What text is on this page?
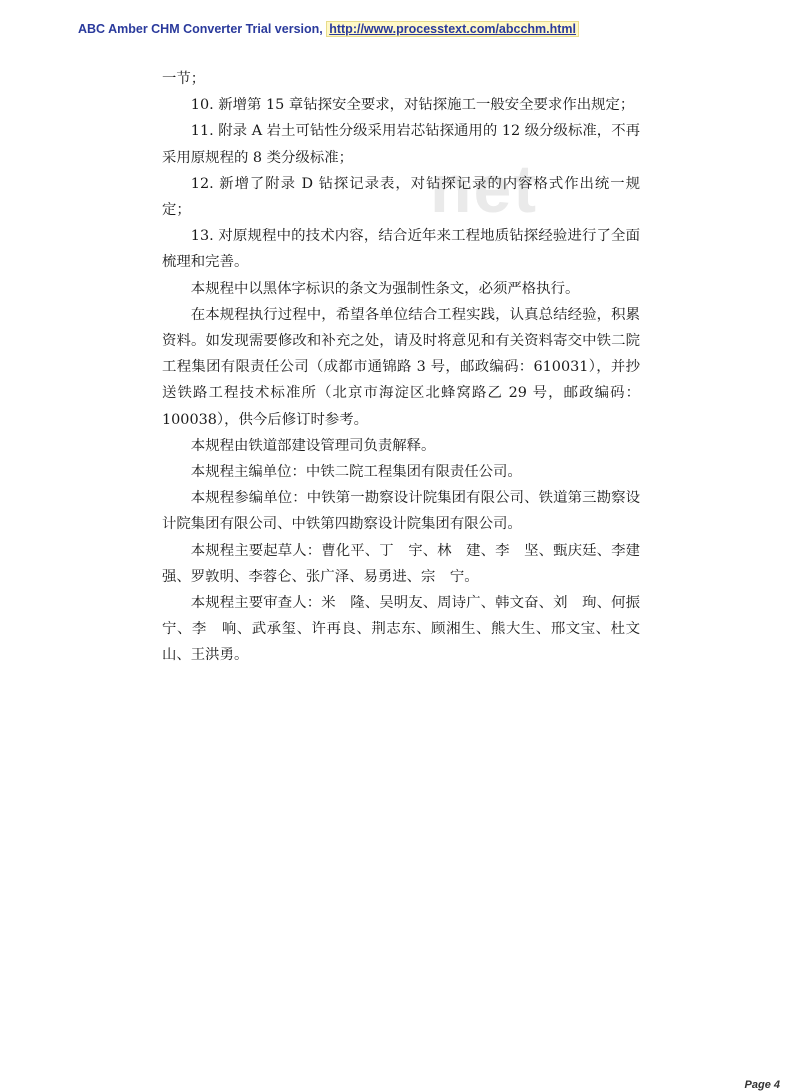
ABC Amber CHM Converter Trial version, http://www.processtext.com/abcchm.html
net

一节；

10. 新增第 15 章钻探安全要求，对钻探施工一般安全要求作出规定；

11. 附录 A 岩土可钻性分级采用岩芯钻探通用的 12 级分级标准，不再采用原规程的 8 类分级标准；

12. 新增了附录 D 钻探记录表，对钻探记录的内容格式作出统一规定；

13. 对原规程中的技术内容，结合近年来工程地质钻探经验进行了全面梳理和完善。

本规程中以黑体字标识的条文为强制性条文，必须严格执行。

在本规程执行过程中，希望各单位结合工程实践，认真总结经验，积累资料。如发现需要修改和补充之处，请及时将意见和有关资料寄交中铁二院工程集团有限责任公司（成都市通锦路 3 号，邮政编码：610031），并抄送铁路工程技术标准所（北京市海淀区北蜂窝路乙 29 号，邮政编码：100038），供今后修订时参考。

本规程由铁道部建设管理司负责解释。

本规程主编单位：中铁二院工程集团有限责任公司。

本规程参编单位：中铁第一勘察设计院集团有限公司、铁道第三勘察设计院集团有限公司、中铁第四勘察设计院集团有限公司。

本规程主要起草人：曹化平、丁　宇、林　建、李　坚、甄庆廷、李建强、罗敦明、李蓉仑、张广泽、易勇进、宗　宁。

本规程主要审查人：米　隆、吴明友、周诗广、韩文奋、刘　珣、何振宁、李　响、武承玺、许再良、荆志东、顾湘生、熊大生、邢文宝、杜文山、王洪勇。

Page 4
